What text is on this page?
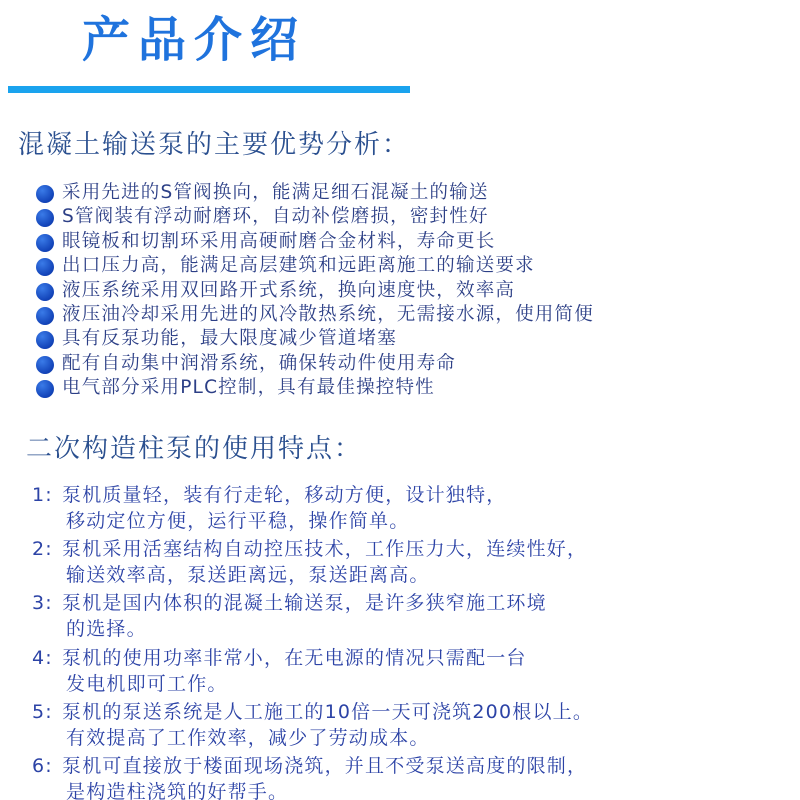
产品介绍
混凝土输送泵的主要优势分析：
采用先进的S管阀换向，能满足细石混凝土的输送
S管阀装有浮动耐磨环，自动补偿磨损，密封性好
眼镜板和切割环采用高硬耐磨合金材料，寿命更长
出口压力高，能满足高层建筑和远距离施工的输送要求
液压系统采用双回路开式系统，换向速度快，效率高
液压油冷却采用先进的风冷散热系统，无需接水源，使用简便
具有反泵功能，最大限度减少管道堵塞
配有自动集中润滑系统，确保转动件使用寿命
电气部分采用PLC控制，具有最佳操控特性
二次构造柱泵的使用特点：
1: 泵机质量轻，装有行走轮，移动方便，设计独特，
移动定位方便，运行平稳，操作简单。
2: 泵机采用活塞结构自动控压技术，工作压力大，连续性好，
输送效率高，泵送距离远，泵送距离高。
3: 泵机是国内体积的混凝土输送泵，是许多狭窄施工环境
的选择。
4: 泵机的使用功率非常小，在无电源的情况只需配一台
发电机即可工作。
5: 泵机的泵送系统是人工施工的10倍一天可浇筑200根以上。
有效提高了工作效率，减少了劳动成本。
6: 泵机可直接放于楼面现场浇筑，并且不受泵送高度的限制，
是构造柱浇筑的好帮手。
